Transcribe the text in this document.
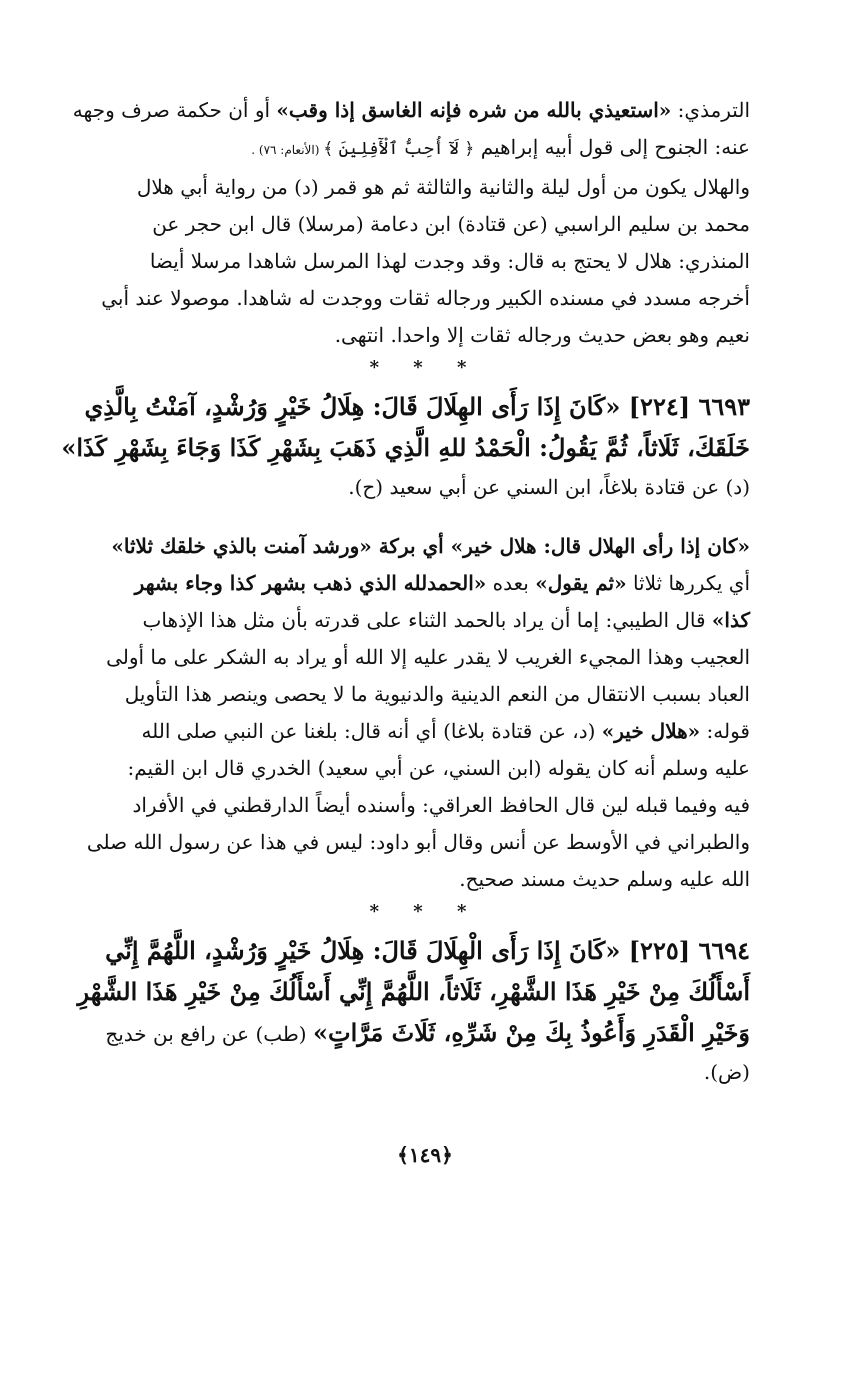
الترمذي: «استعيذي بالله من شره فإنه الغاسق إذا وقب» أو أن حكمة صرف وجهه
عنه: الجنوح إلى قول أبيه إبراهيم ﴿ لَآ أُحِبُّ ٱلْأٓفِلِينَ ﴾ (الأنعام: ٧٦) .
والهلال يكون من أول ليلة والثانية والثالثة ثم هو قمر (د) من رواية أبي هلال
محمد بن سليم الراسبي (عن قتادة) ابن دعامة (مرسلا) قال ابن حجر عن
المنذري: هلال لا يحتج به قال: وقد وجدت لهذا المرسل شاهدا مرسلا أيضا
أخرجه مسدد في مسنده الكبير ورجاله ثقات ووجدت له شاهدا. موصولا عند أبي
نعيم وهو بعض حديث ورجاله ثقات إلا واحدا. انتهى.
* * *
٦٦٩٣ [٢٢٤] «كَانَ إِذَا رَأَى الهِلَالَ قَالَ: هِلَالُ خَيْرٍ وَرُشْدٍ، آمَنْتُ بِالَّذِي
خَلَقَكَ، ثَلَاثاً، ثُمَّ يَقُولُ: الْحَمْدُ للهِ الَّذِي ذَهَبَ بِشَهْرِ كَذَا وَجَاءَ بِشَهْرِ كَذَا»
(د) عن قتادة بلاغاً، ابن السني عن أبي سعيد (ح).
«كان إذا رأى الهلال قال: هلال خير» أي بركة «ورشد آمنت بالذي خلقك ثلاثا»
أي يكررها ثلاثا «ثم يقول» بعده «الحمدلله الذي ذهب بشهر كذا وجاء بشهر
كذا» قال الطيبي: إما أن يراد بالحمد الثناء على قدرته بأن مثل هذا الإذهاب
العجيب وهذا المجيء الغريب لا يقدر عليه إلا الله أو يراد به الشكر على ما أولى
العباد بسبب الانتقال من النعم الدينية والدنيوية ما لا يحصى وينصر هذا التأويل
قوله: «هلال خير» (د، عن قتادة بلاغا) أي أنه قال: بلغنا عن النبي صلى الله
عليه وسلم أنه كان يقوله (ابن السني، عن أبي سعيد) الخدري قال ابن القيم:
فيه وفيما قبله لين قال الحافظ العراقي: وأسنده أيضاً الدارقطني في الأفراد
والطبراني في الأوسط عن أنس وقال أبو داود: ليس في هذا عن رسول الله صلى
الله عليه وسلم حديث مسند صحيح.
* * *
٦٦٩٤ [٢٢٥] «كَانَ إِذَا رَأَى الْهِلَالَ قَالَ: هِلَالُ خَيْرٍ وَرُشْدٍ، اللَّهُمَّ إِنِّي
أَسْأَلُكَ مِنْ خَيْرِ هَذَا الشَّهْرِ، ثَلَاثاً، اللَّهُمَّ إِنِّي أَسْأَلُكَ مِنْ خَيْرِ هَذَا الشَّهْرِ
وَخَيْرِ الْقَدَرِ وَأَعُوذُ بِكَ مِنْ شَرِّهِ، ثَلَاثَ مَرَّاتٍ» (طب) عن رافع بن خديج
(ض).
﴿١٤٩﴾
